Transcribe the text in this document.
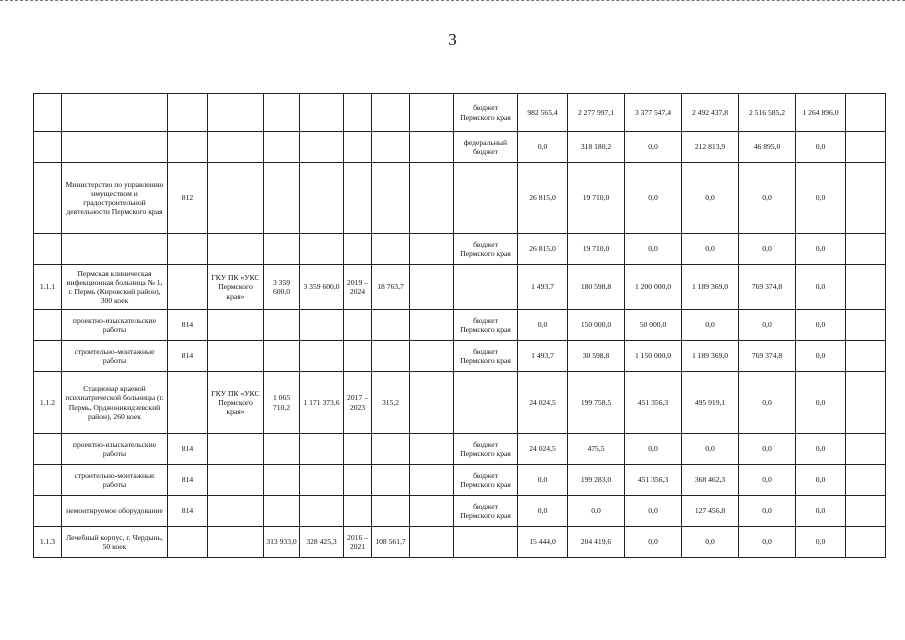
3
									бюджет Пермского края	982 565,4	2 277 997,1	3 377 547,4	2 492 437,8	2 516 585,2	1 264 896,0	
									федеральный бюджет	0,0	318 180,2	0,0	212 813,9	46 895,0	0,0	
	Министерство по управлению имуществом и градостроительной деятельности Пермского края	812								26 815,0	19 710,0	0,0	0,0	0,0	0,0	
									бюджет Пермского края	26 815,0	19 710,0	0,0	0,0	0,0	0,0	
1.1.1	Пермская клиническая инфекционная больница № 1, г. Пермь (Кировский район), 300 коек		ГКУ ПК «УКС Пермского края»	3 359 600,0	3 359 600,0	2019 – 2024	18 763,7			1 493,7	180 598,8	1 200 000,0	1 189 369,0	769 374,8	0,0	
	проектно-изыскательские работы	814							бюджет Пермского края	0,0	150 000,0	50 000,0	0,0	0,0	0,0	
	строительно-монтажные работы	814							бюджет Пермского края	1 493,7	30 598,8	1 150 000,0	1 189 369,0	769 374,8	0,0	
1.1.2	Стационар краевой психиатрической больницы (г. Пермь, Орджоникидзевский район), 260 коек		ГКУ ПК «УКС Пермского края»	1 065 710,2	1 171 373,6	2017 – 2023	315,2			24 024,5	199 758,5	451 356,3	495 919,1	0,0	0,0	
	проектно-изыскательские работы	814							бюджет Пермского края	24 024,5	475,5	0,0	0,0	0,0	0,0	
	строительно-монтажные работы	814							бюджет Пермского края	0,0	199 283,0	451 356,3	368 462,3	0,0	0,0	
	немонтируемое оборудование	814							бюджет Пермского края	0,0	0,0	0,0	127 456,8	0,0	0,0	
1.1.3	Лечебный корпус, г. Чердынь, 50 коек			313 933,0	328 425,3	2016 – 2021	108 561,7			15 444,0	204 419,6	0,0	0,0	0,0	0,0	
